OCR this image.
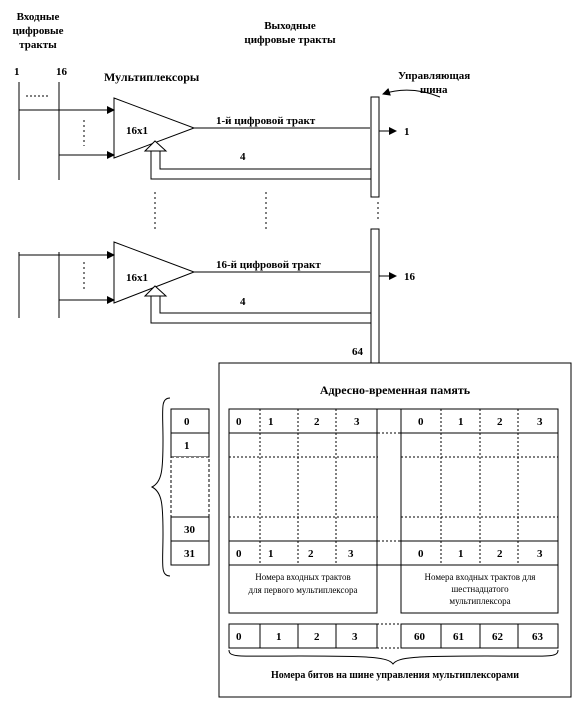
Входные
цифровые
тракты
Выходные
цифровые тракты
1	16	Мультиплексоры	Управляющая
шина
16x1
1-й цифровой тракт
1
4
16x1
16-й цифровой тракт
16
4
64
Адресно-временная память
0
1
30
31
0 1	2	3	0	1	2	3
0 1	2	3	0	1	2	3
Номера входных трактов
для первого мультиплексора
Номера входных трактов для
шестнадцатого
мультиплексора
0	1	2	3	60	61	62	63
Номера битов на шине управления мультиплексорами
